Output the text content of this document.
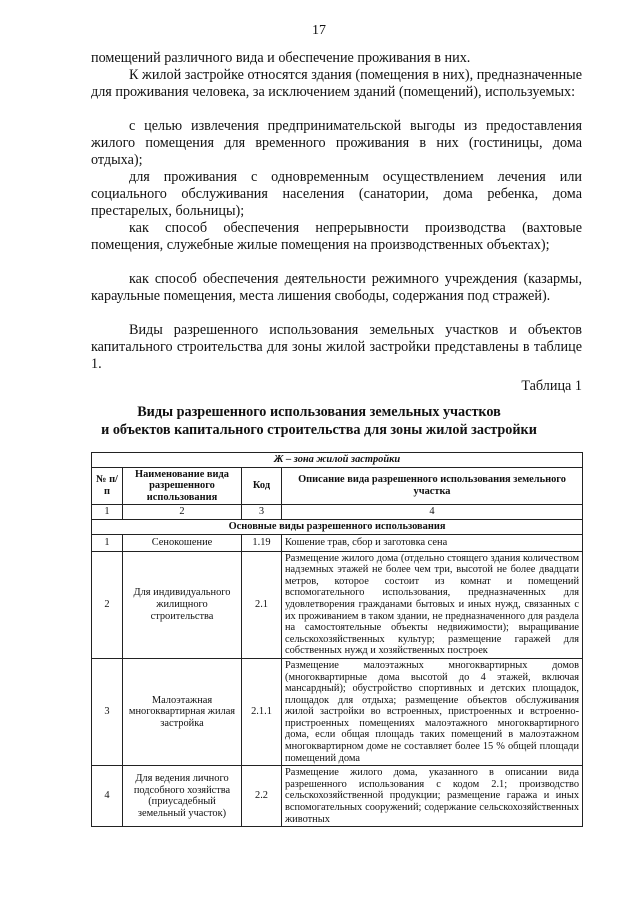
17

помещений различного вида и обеспечение проживания в них.

К жилой застройке относятся здания (помещения в них), предназначенные для проживания человека, за исключением зданий (помещений), используемых:

с целью извлечения предпринимательской выгоды из предоставления жилого помещения для временного проживания в них (гостиницы, дома отдыха);

для проживания с одновременным осуществлением лечения или социального обслуживания населения (санатории, дома ребенка, дома престарелых, больницы);

как способ обеспечения непрерывности производства (вахтовые помещения, служебные жилые помещения на производственных объектах);

как способ обеспечения деятельности режимного учреждения (казармы, караульные помещения, места лишения свободы, содержания под стражей).

Виды разрешенного использования земельных участков и объектов капитального строительства для зоны жилой застройки представлены в таблице 1.

Таблица 1
Виды разрешенного использования земельных участков
и объектов капитального строительства для зоны жилой застройки
Ж – зона жилой застройки			
№ п/п	Наименование вида разрешенного использования	Код	Описание вида разрешенного использования земельного участка
1	2	3	4
Основные виды разрешенного использования			
1	Сенокошение	1.19	Кошение трав, сбор и заготовка сена
2	Для индивидуального жилищного строительства	2.1	Размещение жилого дома (отдельно стоящего здания количеством надземных этажей не более чем три, высотой не более двадцати метров, которое состоит из комнат и помещений вспомогательного использования, предназначенных для удовлетворения гражданами бытовых и иных нужд, связанных с их проживанием в таком здании, не предназначенного для раздела на самостоятельные объекты недвижимости); выращивание сельскохозяйственных культур; размещение гаражей для собственных нужд и хозяйственных построек
3	Малоэтажная многоквартирная жилая застройка	2.1.1	Размещение малоэтажных многоквартирных домов (многоквартирные дома высотой до 4 этажей, включая мансардный); обустройство спортивных и детских площадок, площадок для отдыха; размещение объектов обслуживания жилой застройки во встроенных, пристроенных и встроенно-пристроенных помещениях малоэтажного многоквартирного дома, если общая площадь таких помещений в малоэтажном многоквартирном доме не составляет более 15 % общей площади помещений дома
4	Для ведения личного подсобного хозяйства (приусадебный земельный участок)	2.2	Размещение жилого дома, указанного в описании вида разрешенного использования с кодом 2.1; производство сельскохозяйственной продукции; размещение гаража и иных вспомогательных сооружений; содержание сельскохозяйственных животных
